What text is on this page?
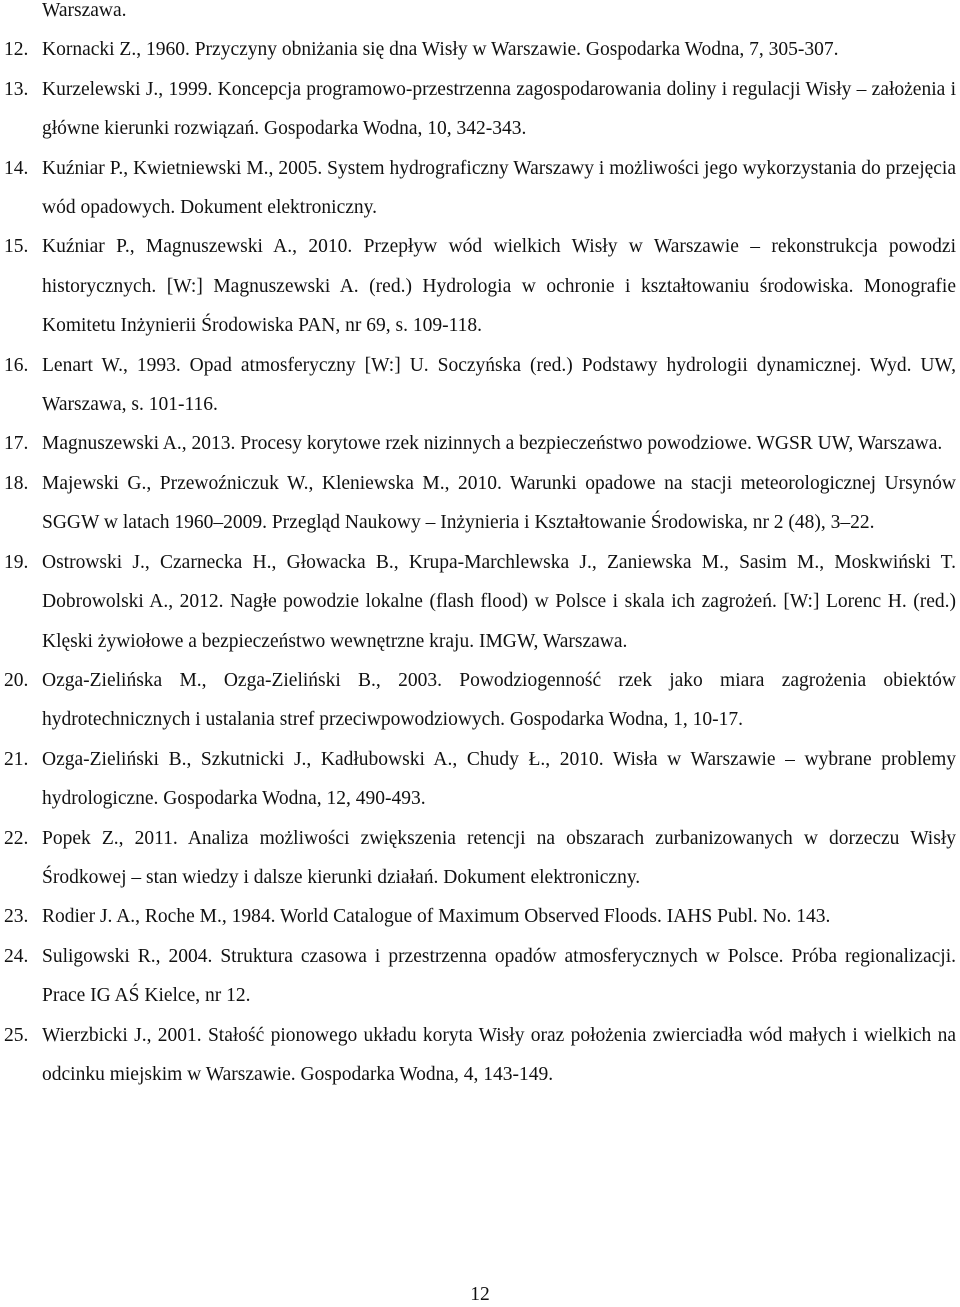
Warszawa.
12. Kornacki Z., 1960. Przyczyny obniżania się dna Wisły w Warszawie. Gospodarka Wodna, 7, 305-307.
13. Kurzelewski J., 1999. Koncepcja programowo-przestrzenna zagospodarowania doliny i regulacji Wisły – założenia i główne kierunki rozwiązań. Gospodarka Wodna, 10, 342-343.
14. Kuźniar P., Kwietniewski M., 2005. System hydrograficzny Warszawy i możliwości jego wykorzystania do przejęcia wód opadowych. Dokument elektroniczny.
15. Kuźniar P., Magnuszewski A., 2010. Przepływ wód wielkich Wisły w Warszawie – rekonstrukcja powodzi historycznych. [W:] Magnuszewski A. (red.) Hydrologia w ochronie i kształtowaniu środowiska. Monografie Komitetu Inżynierii Środowiska PAN, nr 69, s. 109-118.
16. Lenart W., 1993. Opad atmosferyczny [W:] U. Soczyńska (red.) Podstawy hydrologii dynamicznej. Wyd. UW, Warszawa, s. 101-116.
17. Magnuszewski A., 2013. Procesy korytowe rzek nizinnych a bezpieczeństwo powodziowe. WGSR UW, Warszawa.
18. Majewski G., Przewoźniczuk W., Kleniewska M., 2010. Warunki opadowe na stacji meteorologicznej Ursynów SGGW w latach 1960–2009. Przegląd Naukowy – Inżynieria i Kształtowanie Środowiska, nr 2 (48), 3–22.
19. Ostrowski J., Czarnecka H., Głowacka B., Krupa-Marchlewska J., Zaniewska M., Sasim M., Moskwiński T. Dobrowolski A., 2012. Nagłe powodzie lokalne (flash flood) w Polsce i skala ich zagrożeń. [W:] Lorenc H. (red.) Klęski żywiołowe a bezpieczeństwo wewnętrzne kraju. IMGW, Warszawa.
20. Ozga-Zielińska M., Ozga-Zieliński B., 2003. Powodziogenność rzek jako miara zagrożenia obiektów hydrotechnicznych i ustalania stref przeciwpowodziowych. Gospodarka Wodna, 1, 10-17.
21. Ozga-Zieliński B., Szkutnicki J., Kadłubowski A., Chudy Ł., 2010. Wisła w Warszawie – wybrane problemy hydrologiczne. Gospodarka Wodna, 12, 490-493.
22. Popek Z., 2011. Analiza możliwości zwiększenia retencji na obszarach zurbanizowanych w dorzeczu Wisły Środkowej – stan wiedzy i dalsze kierunki działań. Dokument elektroniczny.
23. Rodier J. A., Roche M., 1984. World Catalogue of Maximum Observed Floods. IAHS Publ. No. 143.
24. Suligowski R., 2004. Struktura czasowa i przestrzenna opadów atmosferycznych w Polsce. Próba regionalizacji. Prace IG AŚ Kielce, nr 12.
25. Wierzbicki J., 2001. Stałość pionowego układu koryta Wisły oraz położenia zwierciadła wód małych i wielkich na odcinku miejskim w Warszawie. Gospodarka Wodna, 4, 143-149.
12
